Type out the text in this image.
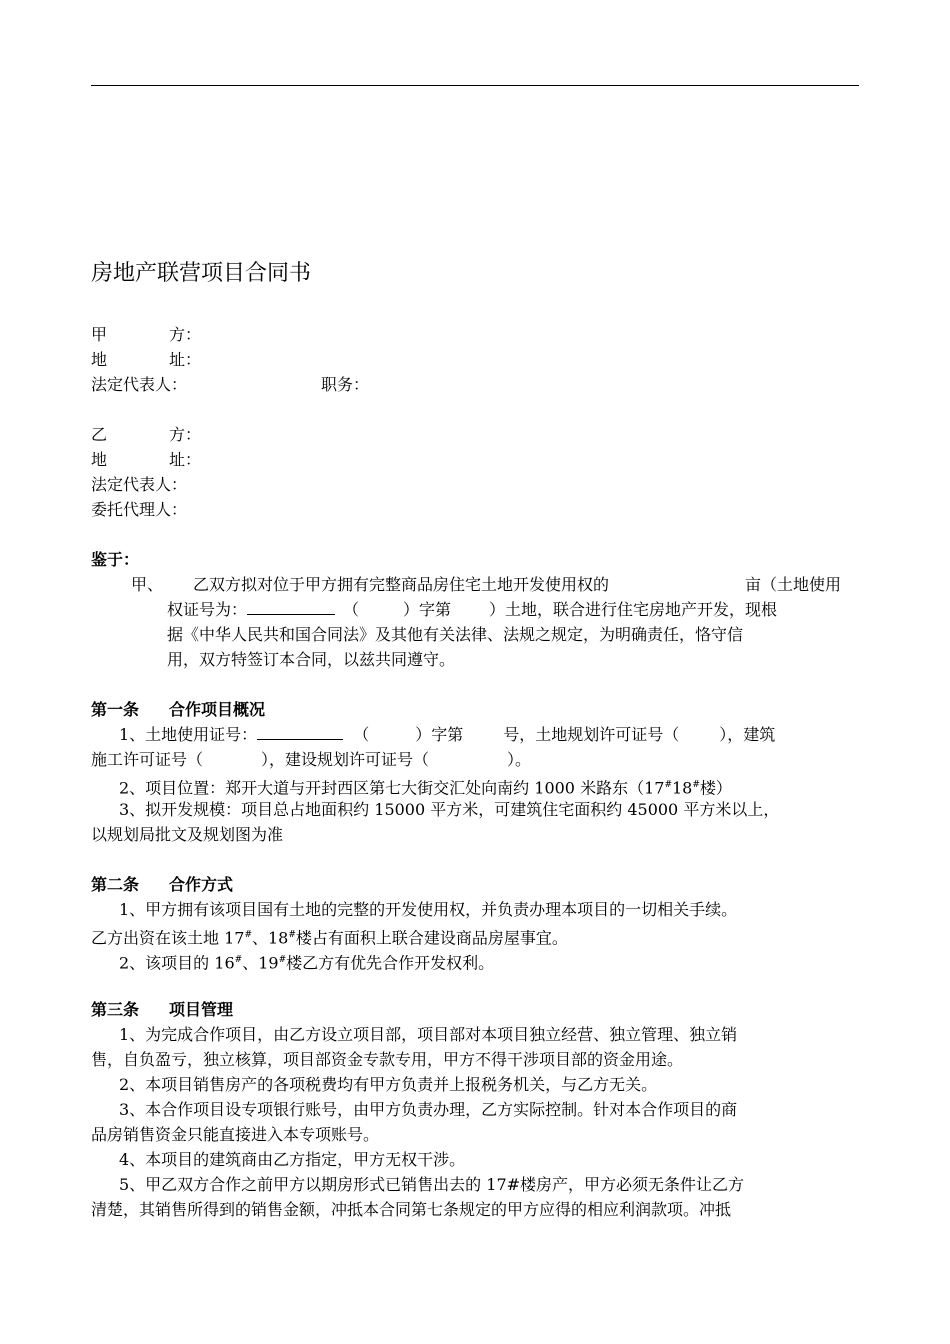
房地产联营项目合同书
甲	方：
地	址：
法定代表人：	职务：
乙	方：
地	址：
法定代表人：
委托代理人：
鉴于：
甲、 乙双方拟对位于甲方拥有完整商品房住宅土地开发使用权的	亩（土地使用
权证号为：	（	）字第 ）土地，联合进行住宅房地产开发，现根
据《中华人民共和国合同法》及其他有关法律、法规之规定，为明确责任，恪守信
用，双方特签订本合同，以兹共同遵守。
第一条 合作项目概况
1、土地使用证号：	（	）字第 号，土地规划许可证号（ ），建筑
施工许可证号（	），建设规划许可证号（	）。
2、项目位置：郑开大道与开封西区第七大街交汇处向南约 1000 米路东（17#18#楼）
3、拟开发规模：项目总占地面积约 15000 平方米，可建筑住宅面积约 45000 平方米以上，
以规划局批文及规划图为准
第二条 合作方式
1、甲方拥有该项目国有土地的完整的开发使用权，并负责办理本项目的一切相关手续。
乙方出资在该土地 17#、18#楼占有面积上联合建设商品房屋事宜。
2、该项目的 16#、19#楼乙方有优先合作开发权利。
第三条 项目管理
1、为完成合作项目，由乙方设立项目部，项目部对本项目独立经营、独立管理、独立销
售，自负盈亏，独立核算，项目部资金专款专用，甲方不得干涉项目部的资金用途。
2、本项目销售房产的各项税费均有甲方负责并上报税务机关，与乙方无关。
3、本合作项目设专项银行账号，由甲方负责办理，乙方实际控制。针对本合作项目的商
品房销售资金只能直接进入本专项账号。
4、本项目的建筑商由乙方指定，甲方无权干涉。
5、甲乙双方合作之前甲方以期房形式已销售出去的 17#楼房产，甲方必须无条件让乙方
清楚，其销售所得到的销售金额，冲抵本合同第七条规定的甲方应得的相应利润款项。冲抵
